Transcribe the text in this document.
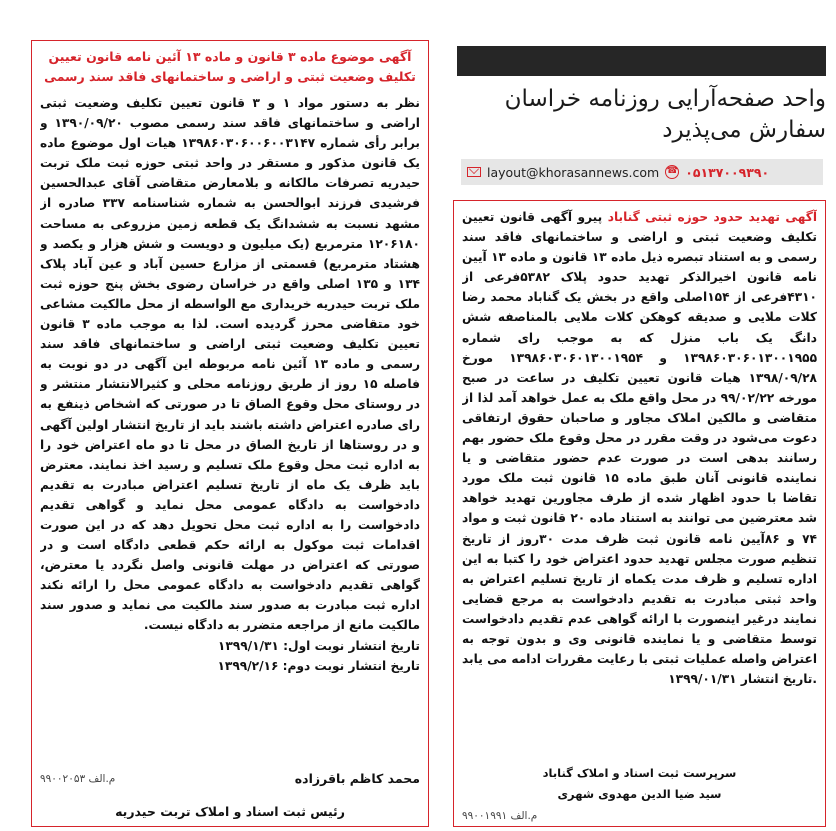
آگهی موضوع ماده ۳ قانون و ماده ۱۳ آئین نامه قانون تعیین تکلیف وضعیت ثبتی و اراضی و ساختمانهای فاقد سند رسمی
نظر به دستور مواد ۱ و ۳ قانون تعیین تکلیف وضعیت ثبتی اراضی و ساختمانهای فاقد سند رسمی مصوب ۱۳۹۰/۰۹/۲۰ و برابر رأی شماره ۱۳۹۸۶۰۳۰۶۰۰۶۰۰۳۱۴۷ هیات اول موضوع ماده یک قانون مذکور و مستقر در واحد ثبتی حوزه ثبت ملک تربت حیدریه تصرفات مالکانه و بلامعارض متقاضی آقای عبدالحسین فرشیدی فرزند ابوالحسن به شماره شناسنامه ۳۳۷ صادره از مشهد نسبت به ششدانگ یک قطعه زمین مزروعی به مساحت ۱۲۰۶۱۸۰ مترمربع (یک میلیون و دویست و شش هزار و یکصد و هشتاد مترمربع) قسمتی از مزارع حسین آباد و عین آباد پلاک ۱۳۴ و ۱۳۵ اصلی واقع در خراسان رضوی بخش پنج حوزه ثبت ملک تربت حیدریه خریداری مع الواسطه از محل مالکیت مشاعی خود متقاضی محرز گردیده است. لذا به موجب ماده ۳ قانون تعیین تکلیف وضعیت ثبتی اراضی و ساختمانهای فاقد سند رسمی و ماده ۱۳ آئین نامه مربوطه این آگهی در دو نوبت به فاصله ۱۵ روز از طریق روزنامه محلی و کثیرالانتشار منتشر و در روستای محل وقوع الصاق تا در صورتی که اشخاص ذینفع به رای صادره اعتراض داشته باشند باید از تاریخ انتشار اولین آگهی و در روستاها از تاریخ الصاق در محل تا دو ماه اعتراض خود را به اداره ثبت محل وقوع ملک تسلیم و رسید اخذ نمایند. معترض باید ظرف یک ماه از تاریخ تسلیم اعتراض مبادرت به تقدیم دادخواست به دادگاه عمومی محل نماید و گواهی تقدیم دادخواست را به اداره ثبت محل تحویل دهد که در این صورت اقدامات ثبت موکول به ارائه حکم قطعی دادگاه است و در صورتی که اعتراض در مهلت قانونی واصل نگردد یا معترض، گواهی تقدیم دادخواست به دادگاه عمومی محل را ارائه نکند اداره ثبت مبادرت به صدور سند مالکیت می نماید و صدور سند مالکیت مانع از مراجعه متضرر به دادگاه نیست.
تاریخ انتشار نوبت اول: ۱۳۹۹/۱/۳۱
تاریخ انتشار نوبت دوم: ۱۳۹۹/۲/۱۶
محمد کاظم باقرزاده
م.الف ۹۹۰۰۲۰۵۳
رئیس ثبت اسناد و املاک تربت حیدریه
واحد صفحه‌آرایی روزنامه خراسان
سفارش می‌پذیرد
layout@khorasannews.com ☎ ۰۵۱۳۷۰۰۹۳۹۰
آگهی تهدید حدود حوزه ثبتی گناباد پیرو آگهی قانون تعیین تکلیف وضعیت ثبتی و اراضی و ساختمانهای فاقد سند رسمی و به استناد تبصره ذیل ماده ۱۳ قانون و ماده ۱۳ آیین نامه قانون اخیرالذکر تهدید حدود پلاک ۵۳۸۲فرعی از ۴۳۱۰فرعی از ۱۵۴اصلی واقع در بخش یک گناباد محمد رضا کلات ملایی و صدیقه کوهکن کلات ملایی بالمناصفه شش دانگ یک باب منزل که به موجب رای شماره ۱۳۹۸۶۰۳۰۶۰۱۳۰۰۱۹۵۵ و ۱۳۹۸۶۰۳۰۶۰۱۳۰۰۱۹۵۴ مورخ ۱۳۹۸/۰۹/۲۸ هیات قانون تعیین تکلیف در ساعت در صبح مورخه ۹۹/۰۲/۲۲ در محل واقع ملک به عمل خواهد آمد لذا از متقاضی و مالکین املاک مجاور و صاحبان حقوق ارتفاقی دعوت می‌شود در وقت مقرر در محل وقوع ملک حضور بهم رسانند بدهی است در صورت عدم حضور متقاضی و یا نماینده قانونی آنان طبق ماده ۱۵ قانون ثبت ملک مورد تقاضا با حدود اظهار شده از طرف مجاورین تهدید خواهد شد معترضین می توانند به استناد ماده ۲۰ قانون ثبت و مواد ۷۴ و ۸۶آیین نامه قانون ثبت ظرف مدت ۳۰روز از تاریخ تنظیم صورت مجلس تهدید حدود اعتراض خود را کتبا به این اداره تسلیم و ظرف مدت یکماه از تاریخ تسلیم اعتراض به واحد ثبتی مبادرت به تقدیم دادخواست به مرجع قضایی نمایند درغیر اینصورت با ارائه گواهی عدم تقدیم دادخواست توسط متقاضی و یا نماینده قانونی وی و بدون توجه به اعتراض واصله عملیات ثبتی با رعایت مقررات ادامه می یابد .تاریخ انتشار ۱۳۹۹/۰۱/۳۱
سرپرست ثبت اسناد و املاک گناباد
سید ضیا الدین مهدوی شهری
م.الف ۹۹۰۰۱۹۹۱
